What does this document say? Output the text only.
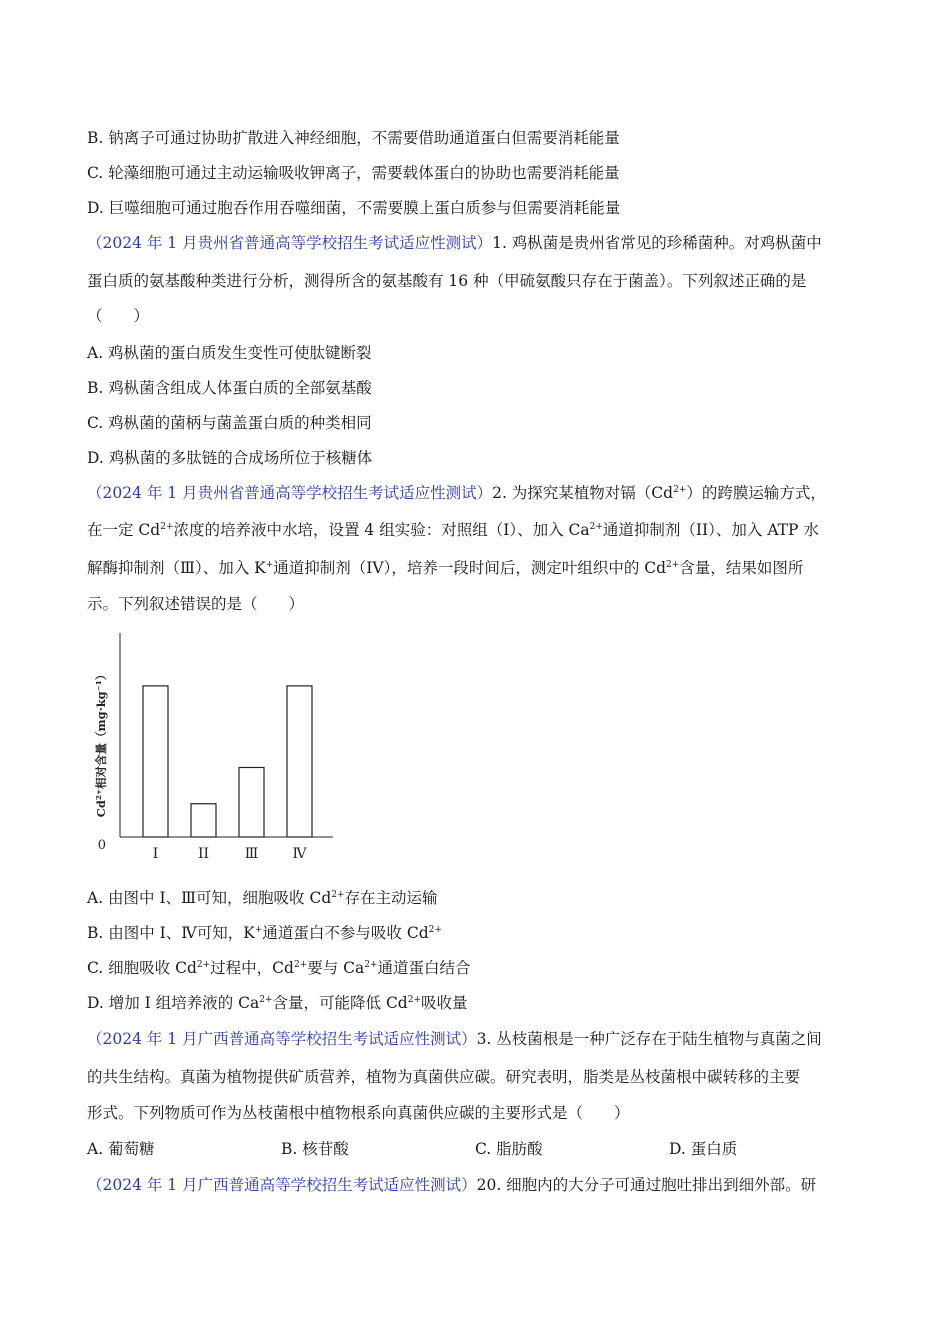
B. 钠离子可通过协助扩散进入神经细胞，不需要借助通道蛋白但需要消耗能量
C. 轮藻细胞可通过主动运输吸收钾离子，需要载体蛋白的协助也需要消耗能量
D. 巨噬细胞可通过胞吞作用吞噬细菌，不需要膜上蛋白质参与但需要消耗能量
（2024 年 1 月贵州省普通高等学校招生考试适应性测试）1. 鸡枞菌是贵州省常见的珍稀菌种。对鸡枞菌中
蛋白质的氨基酸种类进行分析，测得所含的氨基酸有 16 种（甲硫氨酸只存在于菌盖）。下列叙述正确的是
（　　）
A. 鸡枞菌的蛋白质发生变性可使肽键断裂
B. 鸡枞菌含组成人体蛋白质的全部氨基酸
C. 鸡枞菌的菌柄与菌盖蛋白质的种类相同
D. 鸡枞菌的多肽链的合成场所位于核糖体
（2024 年 1 月贵州省普通高等学校招生考试适应性测试）2. 为探究某植物对镉$(Cd^{2+})$的跨膜运输方式，
在一定 $Cd^{2+}$浓度的培养液中水培，设置 4 组实验：对照组（I）、加入 $Ca^{2+}$通道抑制剂（II）、加入 ATP 水
解酶抑制剂（Ⅲ）、加入 K+通道抑制剂（IV），培养一段时间后，测定叶组织中的 $Cd^{2+}$含量，结果如图所
示。下列叙述错误的是（　　）
I	II	Ⅲ Ⅳ
0
Cd²⁺相对含量（mg·kg⁻¹）
A. 由图中 I、Ⅲ可知，细胞吸收 $Cd^{2+}$存在主动运输
B. 由图中 I、Ⅳ可知，K+通道蛋白不参与吸收 $Cd^{2+}$
C. 细胞吸收 $Cd^{2+}$过程中，$Cd^{2+}$要与 $Ca^{2+}$通道蛋白结合
D. 增加 I 组培养液的 $Ca^{2+}$含量，可能降低 $Cd^{2+}$吸收量
（2024 年 1 月广西普通高等学校招生考试适应性测试）3. 丛枝菌根是一种广泛存在于陆生植物与真菌之间
的共生结构。真菌为植物提供矿质营养，植物为真菌供应碳。研究表明，脂类是丛枝菌根中碳转移的主要
形式。下列物质可作为丛枝菌根中植物根系向真菌供应碳的主要形式是（　　）
A. 葡萄糖	B. 核苷酸	C. 脂肪酸	D. 蛋白质
（2024 年 1 月广西普通高等学校招生考试适应性测试）20. 细胞内的大分子可通过胞吐排出到细外部。研
